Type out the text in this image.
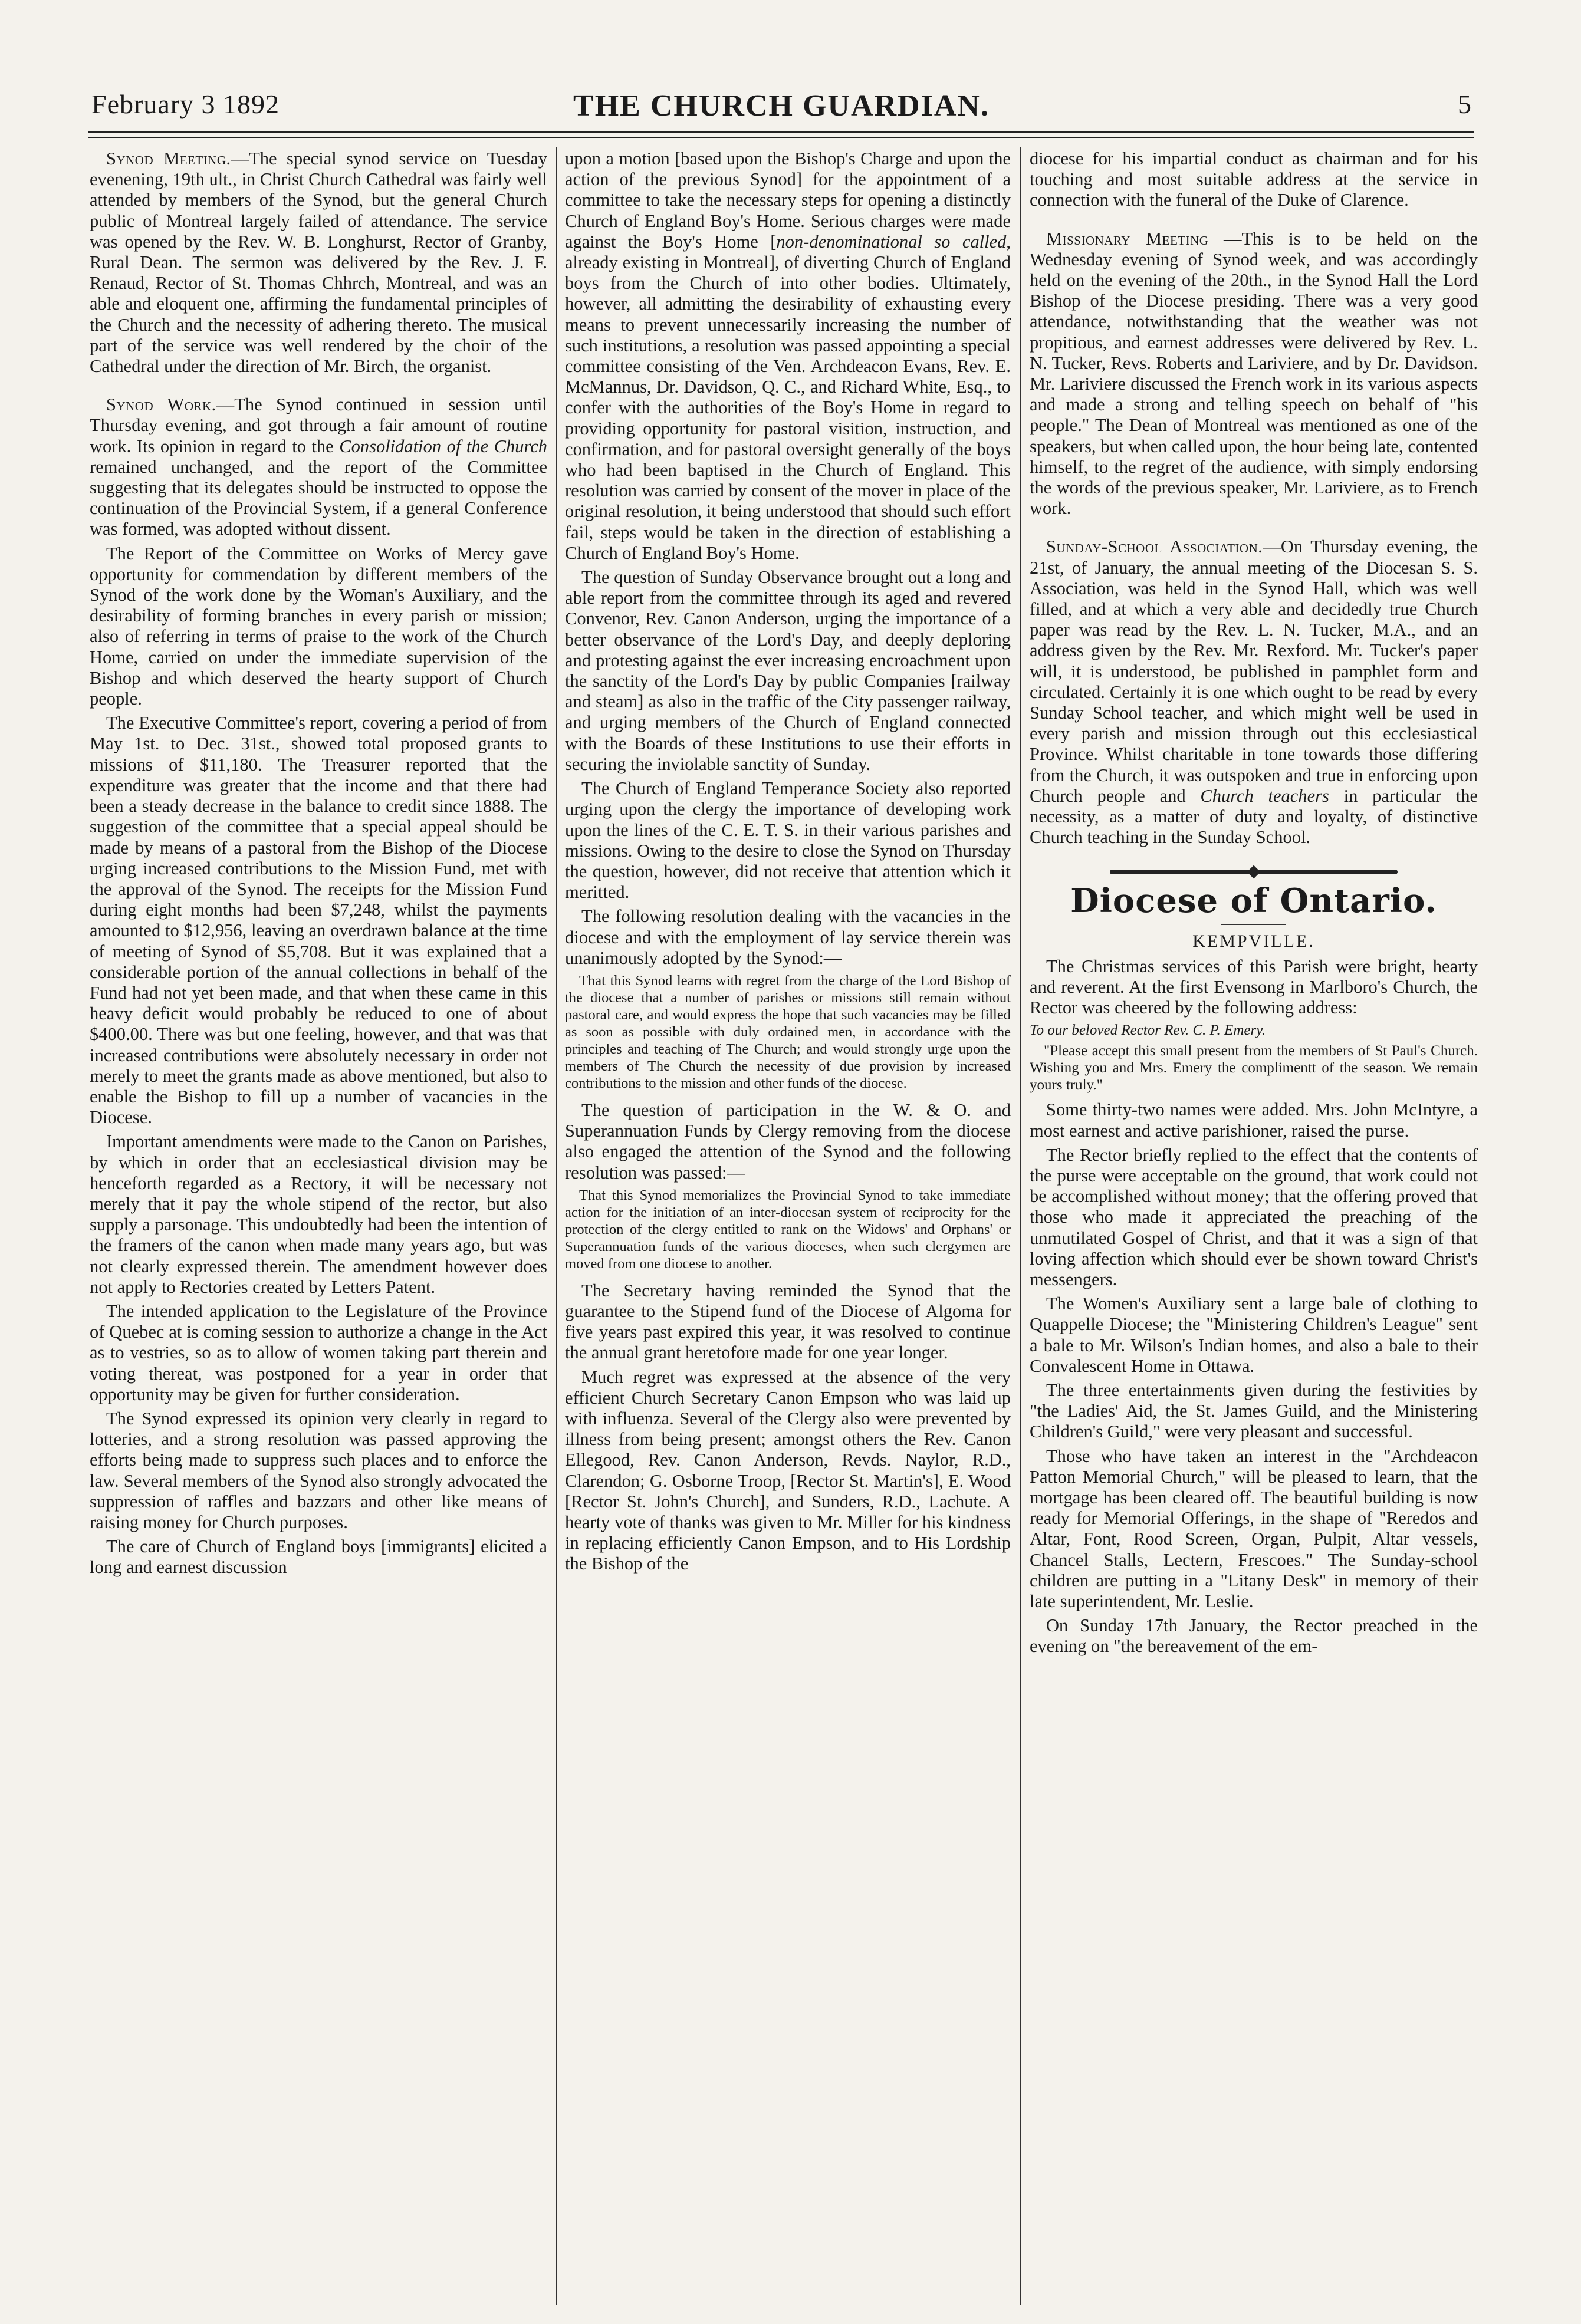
February 3 1892	THE CHURCH GUARDIAN.	5

Synod Meeting.—The special synod service on Tuesday evenening, 19th ult., in Christ Church Cathedral was fairly well attended by members of the Synod, but the general Church public of Montreal largely failed of attendance. The service was opened by the Rev. W. B. Longhurst, Rector of Granby, Rural Dean. The sermon was delivered by the Rev. J. F. Renaud, Rector of St. Thomas Chhrch, Montreal, and was an able and eloquent one, affirming the fundamental principles of the Church and the necessity of adhering thereto. The musical part of the service was well rendered by the choir of the Cathedral under the direction of Mr. Birch, the organist.

Synod Work.—The Synod continued in session until Thursday evening, and got through a fair amount of routine work. Its opinion in regard to the Consolidation of the Church remained unchanged, and the report of the Committee suggesting that its delegates should be instructed to oppose the continuation of the Provincial System, if a general Conference was formed, was adopted without dissent.

The Report of the Committee on Works of Mercy gave opportunity for commendation by different members of the Synod of the work done by the Woman's Auxiliary, and the desirability of forming branches in every parish or mission; also of referring in terms of praise to the work of the Church Home, carried on under the immediate supervision of the Bishop and which deserved the hearty support of Church people.

The Executive Committee's report, covering a period of from May 1st. to Dec. 31st., showed total proposed grants to missions of $11,180. The Treasurer reported that the expenditure was greater that the income and that there had been a steady decrease in the balance to credit since 1888. The suggestion of the committee that a special appeal should be made by means of a pastoral from the Bishop of the Diocese urging increased contributions to the Mission Fund, met with the approval of the Synod. The receipts for the Mission Fund during eight months had been $7,248, whilst the payments amounted to $12,956, leaving an overdrawn balance at the time of meeting of Synod of $5,708. But it was explained that a considerable portion of the annual collections in behalf of the Fund had not yet been made, and that when these came in this heavy deficit would probably be reduced to one of about $400.00. There was but one feeling, however, and that was that increased contributions were absolutely necessary in order not merely to meet the grants made as above mentioned, but also to enable the Bishop to fill up a number of vacancies in the Diocese.

Important amendments were made to the Canon on Parishes, by which in order that an ecclesiastical division may be henceforth regarded as a Rectory, it will be necessary not merely that it pay the whole stipend of the rector, but also supply a parsonage. This undoubtedly had been the intention of the framers of the canon when made many years ago, but was not clearly expressed therein. The amendment however does not apply to Rectories created by Letters Patent.

The intended application to the Legislature of the Province of Quebec at is coming session to authorize a change in the Act as to vestries, so as to allow of women taking part therein and voting thereat, was postponed for a year in order that opportunity may be given for further consideration.

The Synod expressed its opinion very clearly in regard to lotteries, and a strong resolution was passed approving the efforts being made to suppress such places and to enforce the law. Several members of the Synod also strongly advocated the suppression of raffles and bazzars and other like means of raising money for Church purposes.

The care of Church of England boys [immigrants] elicited a long and earnest discussion

upon a motion [based upon the Bishop's Charge and upon the action of the previous Synod] for the appointment of a committee to take the necessary steps for opening a distinctly Church of England Boy's Home. Serious charges were made against the Boy's Home [non-denominational so called, already existing in Montreal], of diverting Church of England boys from the Church of into other bodies. Ultimately, however, all admitting the desirability of exhausting every means to prevent unnecessarily increasing the number of such institutions, a resolution was passed appointing a special committee consisting of the Ven. Archdeacon Evans, Rev. E. McMannus, Dr. Davidson, Q. C., and Richard White, Esq., to confer with the authorities of the Boy's Home in regard to providing opportunity for pastoral visition, instruction, and confirmation, and for pastoral oversight generally of the boys who had been baptised in the Church of England. This resolution was carried by consent of the mover in place of the original resolution, it being understood that should such effort fail, steps would be taken in the direction of establishing a Church of England Boy's Home.

The question of Sunday Observance brought out a long and able report from the committee through its aged and revered Convenor, Rev. Canon Anderson, urging the importance of a better observance of the Lord's Day, and deeply deploring and protesting against the ever increasing encroachment upon the sanctity of the Lord's Day by public Companies [railway and steam] as also in the traffic of the City passenger railway, and urging members of the Church of England connected with the Boards of these Institutions to use their efforts in securing the inviolable sanctity of Sunday.

The Church of England Temperance Society also reported urging upon the clergy the importance of developing work upon the lines of the C. E. T. S. in their various parishes and missions. Owing to the desire to close the Synod on Thursday the question, however, did not receive that attention which it meritted.

The following resolution dealing with the vacancies in the diocese and with the employment of lay service therein was unanimously adopted by the Synod:—

That this Synod learns with regret from the charge of the Lord Bishop of the diocese that a number of parishes or missions still remain without pastoral care, and would express the hope that such vacancies may be filled as soon as possible with duly ordained men, in accordance with the principles and teaching of The Church; and would strongly urge upon the members of The Church the necessity of due provision by increased contributions to the mission and other funds of the diocese.

The question of participation in the W. & O. and Superannuation Funds by Clergy removing from the diocese also engaged the attention of the Synod and the following resolution was passed:—

That this Synod memorializes the Provincial Synod to take immediate action for the initiation of an inter-diocesan system of reciprocity for the protection of the clergy entitled to rank on the Widows' and Orphans' or Superannuation funds of the various dioceses, when such clergymen are moved from one diocese to another.

The Secretary having reminded the Synod that the guarantee to the Stipend fund of the Diocese of Algoma for five years past expired this year, it was resolved to continue the annual grant heretofore made for one year longer.

Much regret was expressed at the absence of the very efficient Church Secretary Canon Empson who was laid up with influenza. Several of the Clergy also were prevented by illness from being present; amongst others the Rev. Canon Ellegood, Rev. Canon Anderson, Revds. Naylor, R.D., Clarendon; G. Osborne Troop, [Rector St. Martin's], E. Wood [Rector St. John's Church], and Sunders, R.D., Lachute. A hearty vote of thanks was given to Mr. Miller for his kindness in replacing efficiently Canon Empson, and to His Lordship the Bishop of the

diocese for his impartial conduct as chairman and for his touching and most suitable address at the service in connection with the funeral of the Duke of Clarence.

Missionary Meeting —This is to be held on the Wednesday evening of Synod week, and was accordingly held on the evening of the 20th., in the Synod Hall the Lord Bishop of the Diocese presiding. There was a very good attendance, notwithstanding that the weather was not propitious, and earnest addresses were delivered by Rev. L. N. Tucker, Revs. Roberts and Lariviere, and by Dr. Davidson. Mr. Lariviere discussed the French work in its various aspects and made a strong and telling speech on behalf of "his people." The Dean of Montreal was mentioned as one of the speakers, but when called upon, the hour being late, contented himself, to the regret of the audience, with simply endorsing the words of the previous speaker, Mr. Lariviere, as to French work.

Sunday-School Association.—On Thursday evening, the 21st, of January, the annual meeting of the Diocesan S. S. Association, was held in the Synod Hall, which was well filled, and at which a very able and decidedly true Church paper was read by the Rev. L. N. Tucker, M.A., and an address given by the Rev. Mr. Rexford. Mr. Tucker's paper will, it is understood, be published in pamphlet form and circulated. Certainly it is one which ought to be read by every Sunday School teacher, and which might well be used in every parish and mission through out this ecclesiastical Province. Whilst charitable in tone towards those differing from the Church, it was outspoken and true in enforcing upon Church people and Church teachers in particular the necessity, as a matter of duty and loyalty, of distinctive Church teaching in the Sunday School.

Diocese of Ontario.
KEMPVILLE.

The Christmas services of this Parish were bright, hearty and reverent. At the first Evensong in Marlboro's Church, the Rector was cheered by the following address:

To our beloved Rector Rev. C. P. Emery.
"Please accept this small present from the members of St Paul's Church. Wishing you and Mrs. Emery the complimentt of the season. We remain yours truly."

Some thirty-two names were added. Mrs. John McIntyre, a most earnest and active parishioner, raised the purse.

The Rector briefly replied to the effect that the contents of the purse were acceptable on the ground, that work could not be accomplished without money; that the offering proved that those who made it appreciated the preaching of the unmutilated Gospel of Christ, and that it was a sign of that loving affection which should ever be shown toward Christ's messengers.

The Women's Auxiliary sent a large bale of clothing to Quappelle Diocese; the "Ministering Children's League" sent a bale to Mr. Wilson's Indian homes, and also a bale to their Convalescent Home in Ottawa.

The three entertainments given during the festivities by "the Ladies' Aid, the St. James Guild, and the Ministering Children's Guild," were very pleasant and successful.

Those who have taken an interest in the "Archdeacon Patton Memorial Church," will be pleased to learn, that the mortgage has been cleared off. The beautiful building is now ready for Memorial Offerings, in the shape of "Reredos and Altar, Font, Rood Screen, Organ, Pulpit, Altar vessels, Chancel Stalls, Lectern, Frescoes." The Sunday-school children are putting in a "Litany Desk" in memory of their late superintendent, Mr. Leslie.

On Sunday 17th January, the Rector preached in the evening on "the bereavement of the em-
